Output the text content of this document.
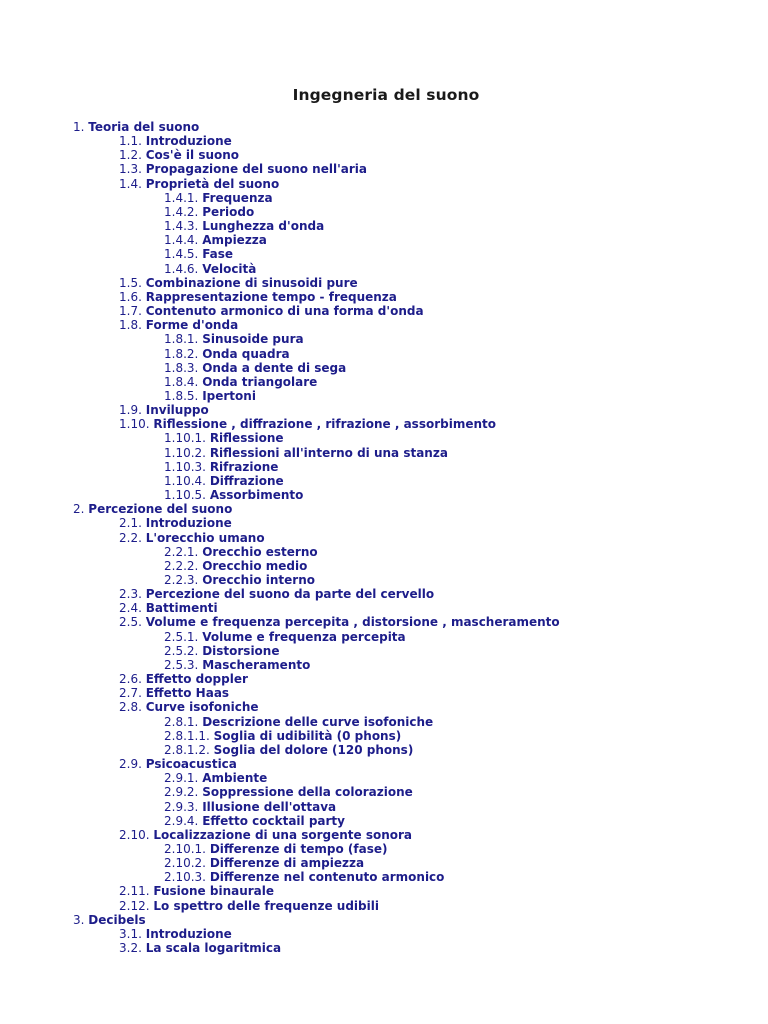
Ingegneria del suono
1. Teoria del suono
1.1. Introduzione
1.2. Cos'è il suono
1.3. Propagazione del suono nell'aria
1.4. Proprietà del suono
1.4.1. Frequenza
1.4.2. Periodo
1.4.3. Lunghezza d'onda
1.4.4. Ampiezza
1.4.5. Fase
1.4.6. Velocità
1.5. Combinazione di sinusoidi pure
1.6. Rappresentazione tempo - frequenza
1.7. Contenuto armonico di una forma d'onda
1.8. Forme d'onda
1.8.1. Sinusoide pura
1.8.2. Onda quadra
1.8.3. Onda a dente di sega
1.8.4. Onda triangolare
1.8.5. Ipertoni
1.9. Inviluppo
1.10. Riflessione , diffrazione , rifrazione , assorbimento
1.10.1. Riflessione
1.10.2. Riflessioni all'interno di una stanza
1.10.3. Rifrazione
1.10.4. Diffrazione
1.10.5. Assorbimento
2. Percezione del suono
2.1. Introduzione
2.2. L'orecchio umano
2.2.1. Orecchio esterno
2.2.2. Orecchio medio
2.2.3. Orecchio interno
2.3. Percezione del suono da parte del cervello
2.4. Battimenti
2.5. Volume e frequenza percepita , distorsione , mascheramento
2.5.1. Volume e frequenza percepita
2.5.2. Distorsione
2.5.3. Mascheramento
2.6. Effetto doppler
2.7. Effetto Haas
2.8. Curve isofoniche
2.8.1. Descrizione delle curve isofoniche
2.8.1.1. Soglia di udibilità (0 phons)
2.8.1.2. Soglia del dolore (120 phons)
2.9. Psicoacustica
2.9.1. Ambiente
2.9.2. Soppressione della colorazione
2.9.3. Illusione dell'ottava
2.9.4. Effetto cocktail party
2.10. Localizzazione di una sorgente sonora
2.10.1. Differenze di tempo (fase)
2.10.2. Differenze di ampiezza
2.10.3. Differenze nel contenuto armonico
2.11. Fusione binaurale
2.12. Lo spettro delle frequenze udibili
3. Decibels
3.1. Introduzione
3.2. La scala logaritmica
